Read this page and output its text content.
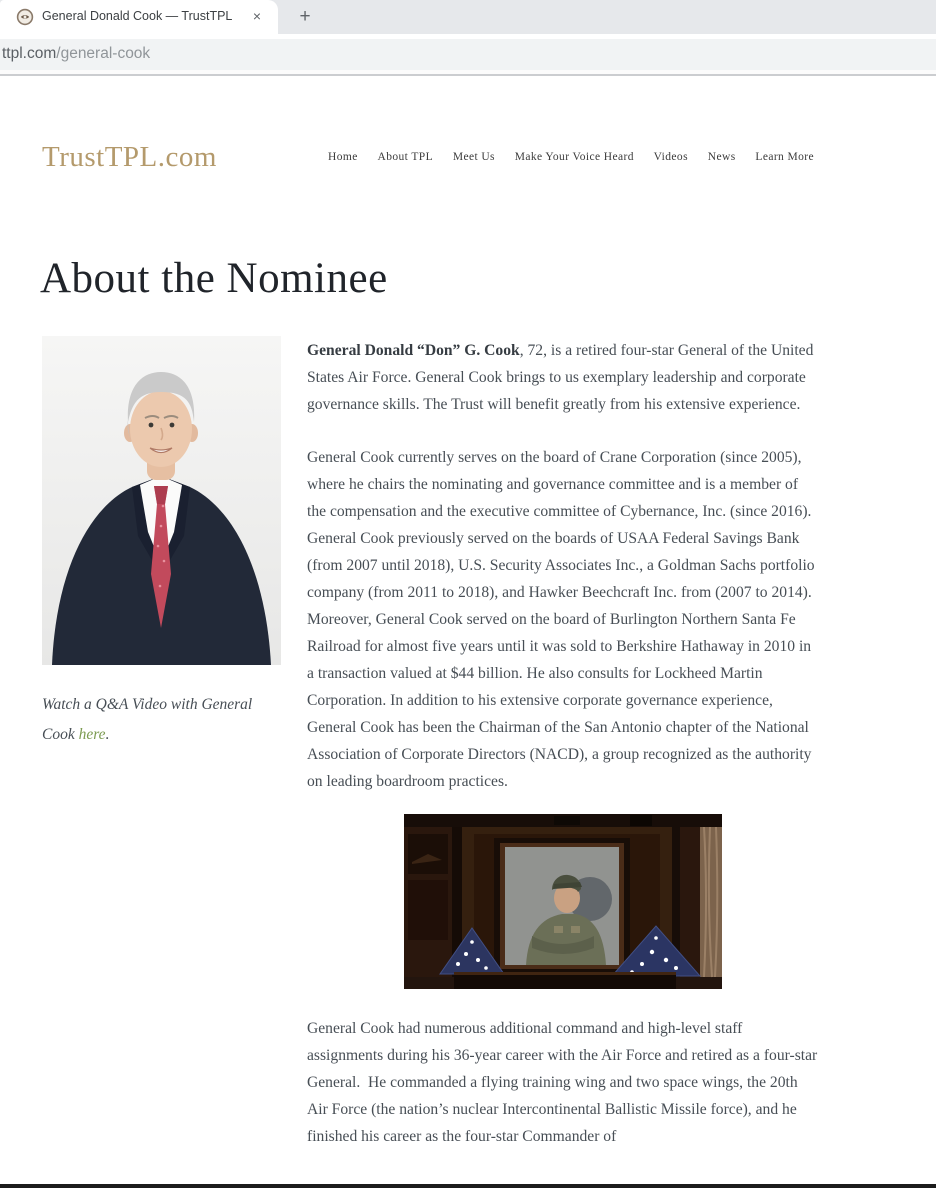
General Donald Cook — TrustTPL	×	+
ttpl.com/general-cook
TrustTPL.com	Home About TPL Meet Us Make Your Voice Heard Videos News Learn More
About the Nominee
Watch a Q&A Video with General Cook here.

General Donald “Don” G. Cook, 72, is a retired four-star General of the United States Air Force. General Cook brings to us exemplary leadership and corporate governance skills. The Trust will benefit greatly from his extensive experience.

General Cook currently serves on the board of Crane Corporation (since 2005), where he chairs the nominating and governance committee and is a member of the compensation and the executive committee of Cybernance, Inc. (since 2016). General Cook previously served on the boards of USAA Federal Savings Bank (from 2007 until 2018), U.S. Security Associates Inc., a Goldman Sachs portfolio company (from 2011 to 2018), and Hawker Beechcraft Inc. from (2007 to 2014). Moreover, General Cook served on the board of Burlington Northern Santa Fe Railroad for almost five years until it was sold to Berkshire Hathaway in 2010 in a transaction valued at $44 billion. He also consults for Lockheed Martin Corporation. In addition to his extensive corporate governance experience, General Cook has been the Chairman of the San Antonio chapter of the National Association of Corporate Directors (NACD), a group recognized as the authority on leading boardroom practices.

General Cook had numerous additional command and high-level staff assignments during his 36-year career with the Air Force and retired as a four-star General.  He commanded a flying training wing and two space wings, the 20th Air Force (the nation’s nuclear Intercontinental Ballistic Missile force), and he finished his career as the four-star Commander of
